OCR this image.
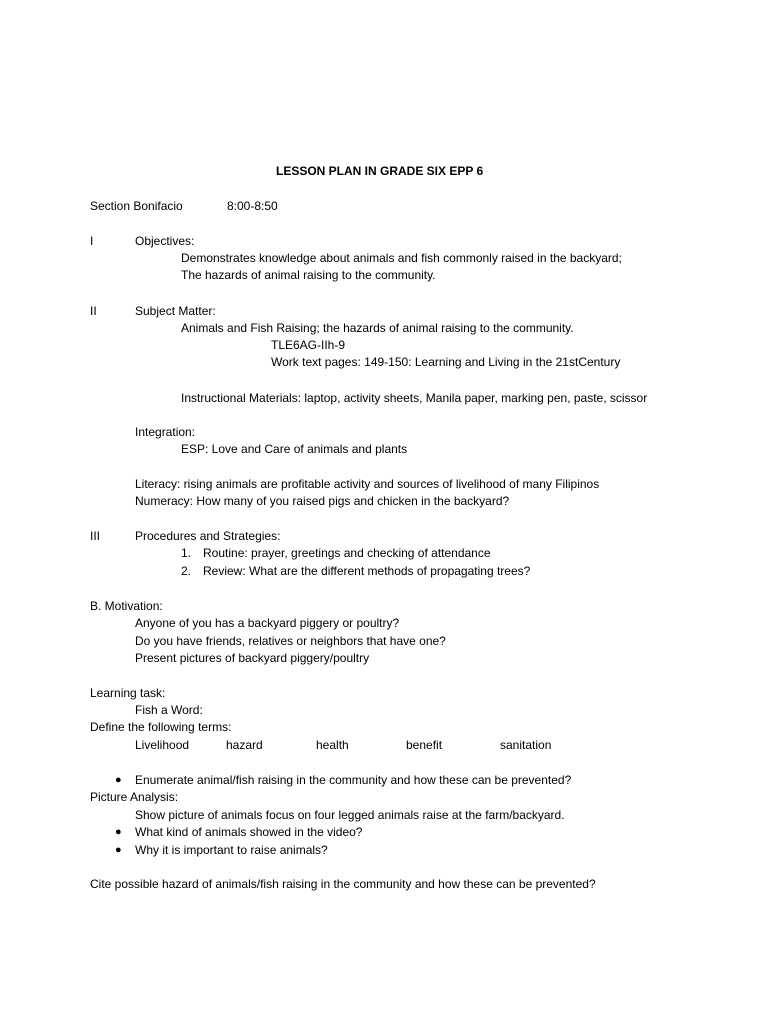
LESSON PLAN IN GRADE SIX EPP 6
Section Bonifacio	8:00-8:50
I	Objectives:
Demonstrates knowledge about animals and fish commonly raised in the backyard;
The hazards of animal raising to the community.
II	Subject Matter:
Animals and Fish Raising; the hazards of animal raising to the community.
TLE6AG-IIh-9
Work text pages: 149-150: Learning and Living in the 21stCentury
Instructional Materials: laptop, activity sheets, Manila paper, marking pen, paste, scissor
Integration:
ESP: Love and Care of animals and plants
Literacy: rising animals are profitable activity and sources of livelihood of many Filipinos
Numeracy: How many of you raised pigs and chicken in the backyard?
III	Procedures and Strategies:
1. Routine: prayer, greetings and checking of attendance
2. Review: What are the different methods of propagating trees?
B. Motivation:
Anyone of you has a backyard piggery or poultry?
Do you have friends, relatives or neighbors that have one?
Present pictures of backyard piggery/poultry
Learning task:
Fish a Word:
Define the following terms:
Livelihood	hazard	health	benefit	sanitation
● Enumerate animal/fish raising in the community and how these can be prevented?
Picture Analysis:
Show picture of animals focus on four legged animals raise at the farm/backyard.
● What kind of animals showed in the video?
● Why it is important to raise animals?
Cite possible hazard of animals/fish raising in the community and how these can be prevented?
